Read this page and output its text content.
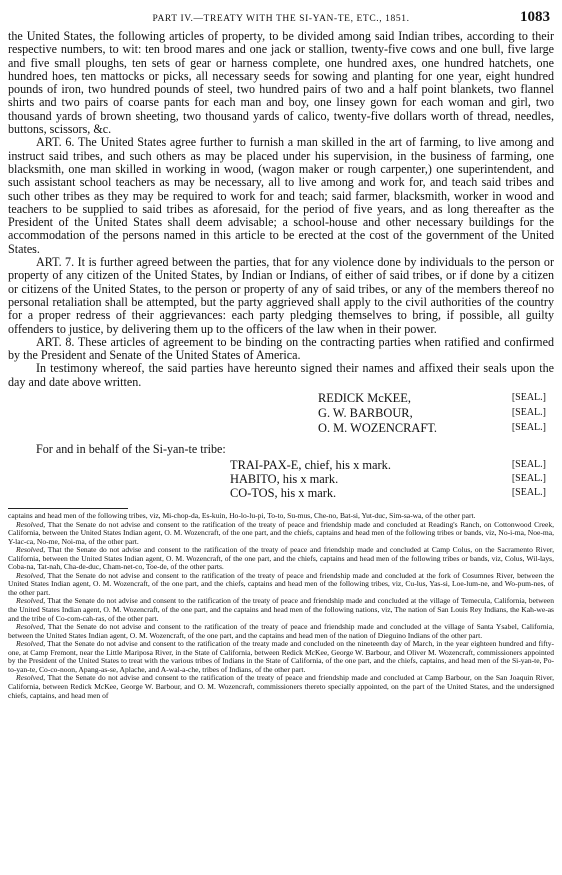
PART IV.—TREATY WITH THE SI-YAN-TE, ETC., 1851.	1083

the United States, the following articles of property, to be divided among said Indian tribes, according to their respective numbers, to wit: ten brood mares and one jack or stallion, twenty-five cows and one bull, five large and five small ploughs, ten sets of gear or harness complete, one hundred axes, one hundred hatchets, one hundred hoes, ten mattocks or picks, all necessary seeds for sowing and planting for one year, eight hundred pounds of iron, two hundred pounds of steel, two hundred pairs of two and a half point blankets, two flannel shirts and two pairs of coarse pants for each man and boy, one linsey gown for each woman and girl, two thousand yards of brown sheeting, two thousand yards of calico, twenty-five dollars worth of thread, needles, buttons, scissors, &c.

ART. 6. The United States agree further to furnish a man skilled in the art of farming, to live among and instruct said tribes, and such others as may be placed under his supervision, in the business of farming, one blacksmith, one man skilled in working in wood, (wagon maker or rough carpenter,) one superintendent, and such assistant school teachers as may be necessary, all to live among and work for, and teach said tribes and such other tribes as they may be required to work for and teach; said farmer, blacksmith, worker in wood and teachers to be supplied to said tribes as aforesaid, for the period of five years, and as long thereafter as the President of the United States shall deem advisable; a school-house and other necessary buildings for the accommodation of the persons named in this article to be erected at the cost of the government of the United States.

ART. 7. It is further agreed between the parties, that for any violence done by individuals to the person or property of any citizen of the United States, by Indian or Indians, of either of said tribes, or if done by a citizen or citizens of the United States, to the person or property of any of said tribes, or any of the members thereof no personal retaliation shall be attempted, but the party aggrieved shall apply to the civil authorities of the country for a proper redress of their aggrievances: each party pledging themselves to bring, if possible, all guilty offenders to justice, by delivering them up to the officers of the law when in their power.

ART. 8. These articles of agreement to be binding on the contracting parties when ratified and confirmed by the President and Senate of the United States of America.

In testimony whereof, the said parties have hereunto signed their names and affixed their seals upon the day and date above written.

REDICK McKEE,	[SEAL.]
G. W. BARBOUR,	[SEAL.]
O. M. WOZENCRAFT.	[SEAL.]
For and in behalf of the Si-yan-te tribe:
TRAI-PAX-E, chief, his x mark.	[SEAL.]
HABITO, his x mark.	[SEAL.]
CO-TOS, his x mark.	[SEAL.]

captains and head men of the following tribes, viz, Mi-chop-da, Es-kuin, Ho-lo-lu-pi, To-to, Su-mus, Che-no, Bat-si, Yut-duc, Sim-sa-wa, of the other part.

Resolved, That the Senate do not advise and consent to the ratification of the treaty of peace and friendship made and concluded at Reading's Ranch, on Cottonwood Creek, California, between the United States Indian agent, O. M. Wozencraft, of the one part, and the chiefs, captains and head men of the following tribes or bands, viz, No-i-ma, Noe-ma, Y-lac-ca, No-me, Noi-ma, of the other part.

Resolved, That the Senate do not advise and consent to the ratification of the treaty of peace and friendship made and concluded at Camp Colus, on the Sacramento River, California, between the United States Indian agent, O. M. Wozencraft, of the one part, and the chiefs, captains and head men of the following tribes or bands, viz, Colus, Wil-lays, Coba-na, Tat-nah, Cha-de-duc, Cham-net-co, Toe-de, of the other parts.

Resolved, That the Senate do not advise and consent to the ratification of the treaty of peace and friendship made and concluded at the fork of Cosumnes River, between the United States Indian agent, O. M. Wozencraft, of the one part, and the chiefs, captains and head men of the following tribes, viz, Cu-lus, Yas-si, Loe-lum-ne, and Wo-pum-nes, of the other part.

Resolved, That the Senate do not advise and consent to the ratification of the treaty of peace and friendship made and concluded at the village of Temecula, California, between the United States Indian agent, O. M. Wozencraft, of the one part, and the captains and head men of the following nations, viz, The nation of San Louis Rey Indians, the Kah-we-as and the tribe of Co-com-cah-ras, of the other part.

Resolved, That the Senate do not advise and consent to the ratification of the treaty of peace and friendship made and concluded at the village of Santa Ysabel, California, between the United States Indian agent, O. M. Wozencraft, of the one part, and the captains and head men of the nation of Dieguino Indians of the other part.

Resolved, That the Senate do not advise and consent to the ratification of the treaty made and concluded on the nineteenth day of March, in the year eighteen hundred and fifty-one, at Camp Fremont, near the Little Mariposa River, in the State of California, between Redick McKee, George W. Barbour, and Oliver M. Wozencraft, commissioners appointed by the President of the United States to treat with the various tribes of Indians in the State of California, of the one part, and the chiefs, captains, and head men of the Si-yan-te, Po-to-yan-te, Co-co-noon, Apang-as-se, Aplache, and A-wal-a-che, tribes of Indians, of the other part.

Resolved, That the Senate do not advise and consent to the ratification of the treaty of peace and friendship made and concluded at Camp Barbour, on the San Joaquin River, California, between Redick McKee, George W. Barbour, and O. M. Wozencraft, commissioners thereto specially appointed, on the part of the United States, and the undersigned chiefs, captains, and head men of
